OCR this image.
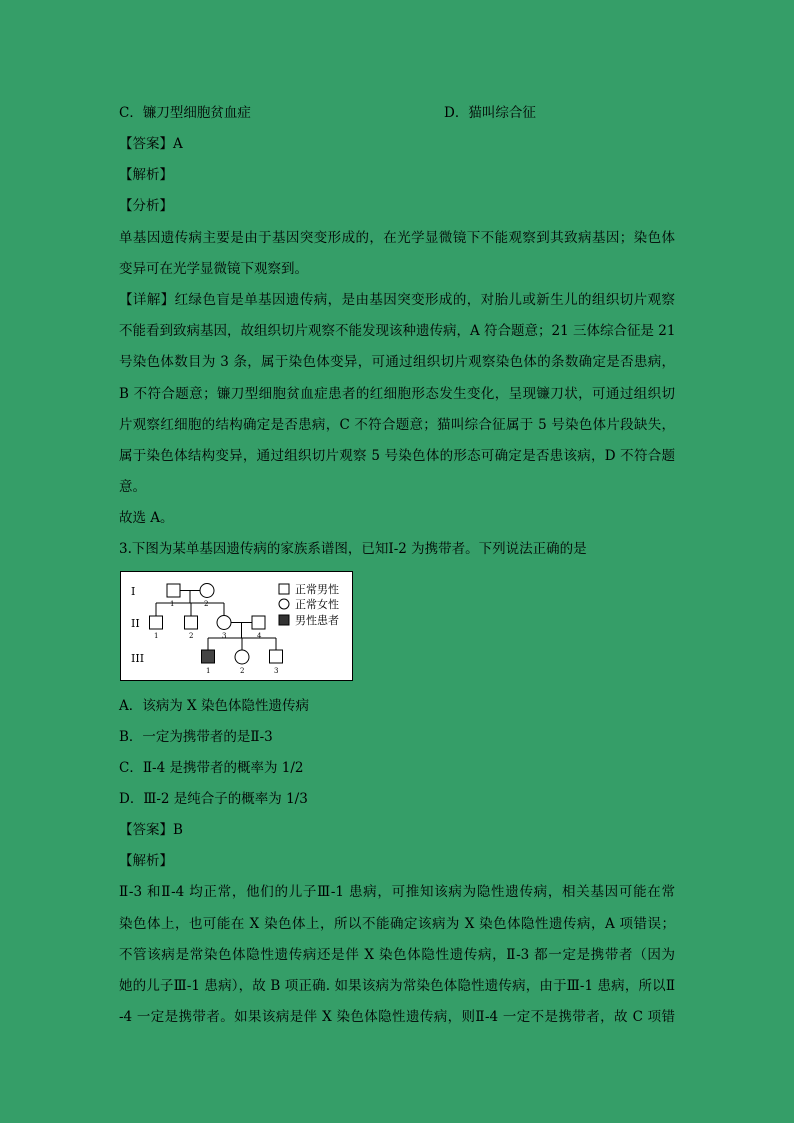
C．镰刀型细胞贫血症	D．猫叫综合征
【答案】A
【解析】
【分析】
单基因遗传病主要是由于基因突变形成的，在光学显微镜下不能观察到其致病基因；染色体
变异可在光学显微镜下观察到。
【详解】红绿色盲是单基因遗传病，是由基因突变形成的，对胎儿或新生儿的组织切片观察
不能看到致病基因，故组织切片观察不能发现该种遗传病，A 符合题意；21 三体综合征是 21
号染色体数目为 3 条，属于染色体变异，可通过组织切片观察染色体的条数确定是否患病，
B 不符合题意；镰刀型细胞贫血症患者的红细胞形态发生变化，呈现镰刀状，可通过组织切
片观察红细胞的结构确定是否患病，C 不符合题意；猫叫综合征属于 5 号染色体片段缺失，
属于染色体结构变异，通过组织切片观察 5 号染色体的形态可确定是否患该病，D 不符合题
意。
故选 A。
3.下图为某单基因遗传病的家族系谱图，已知Ⅰ-2 为携带者。下列说法正确的是
I
II
III
1	2
1	2	3	4
1	2	3
正常男性
正常女性
男性患者
A．该病为 X 染色体隐性遗传病
B．一定为携带者的是Ⅱ-3
C．Ⅱ-4 是携带者的概率为 1/2
D．Ⅲ-2 是纯合子的概率为 1/3
【答案】B
【解析】
Ⅱ-3 和Ⅱ-4 均正常，他们的儿子Ⅲ-1 患病，可推知该病为隐性遗传病，相关基因可能在常
染色体上，也可能在 X 染色体上，所以不能确定该病为 X 染色体隐性遗传病，A 项错误；
不管该病是常染色体隐性遗传病还是伴 X 染色体隐性遗传病，Ⅱ-3 都一定是携带者（因为
她的儿子Ⅲ-1 患病），故 B 项正确. 如果该病为常染色体隐性遗传病，由于Ⅲ-1 患病，所以Ⅱ
-4 一定是携带者。如果该病是伴 X 染色体隐性遗传病，则Ⅱ-4 一定不是携带者，故 C 项错
